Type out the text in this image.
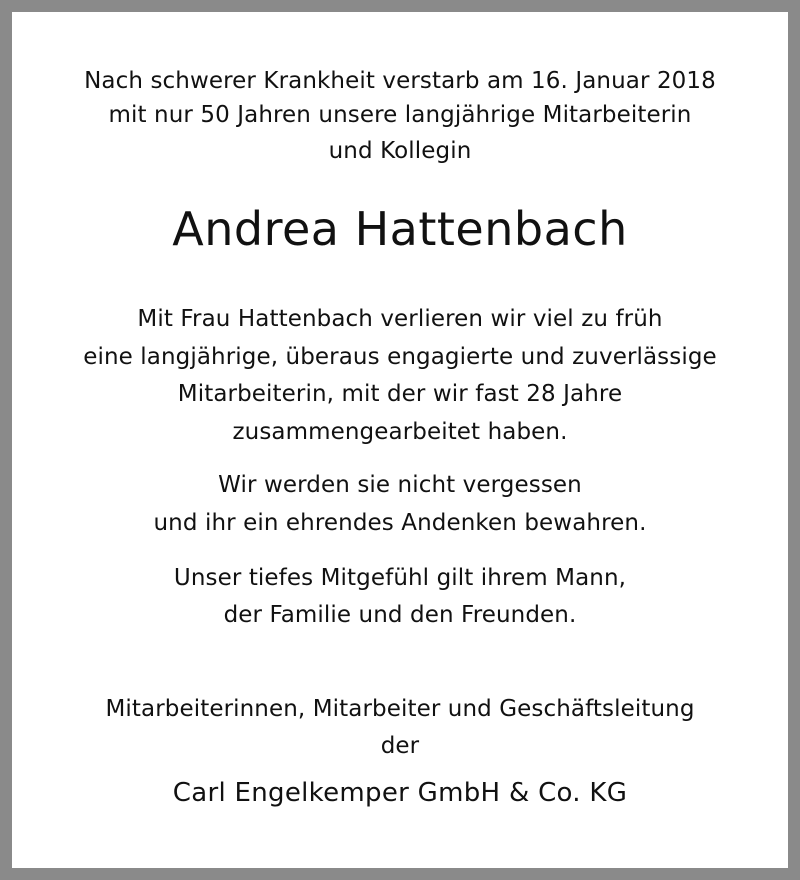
Nach schwerer Krankheit verstarb am 16. Januar 2018
mit nur 50 Jahren unsere langjährige Mitarbeiterin
und Kollegin
Andrea Hattenbach
Mit Frau Hattenbach verlieren wir viel zu früh
eine langjährige, überaus engagierte und zuverlässige
Mitarbeiterin, mit der wir fast 28 Jahre
zusammengearbeitet haben.
Wir werden sie nicht vergessen
und ihr ein ehrendes Andenken bewahren.
Unser tiefes Mitgefühl gilt ihrem Mann,
der Familie und den Freunden.
Mitarbeiterinnen, Mitarbeiter und Geschäftsleitung
der
Carl Engelkemper GmbH & Co. KG
